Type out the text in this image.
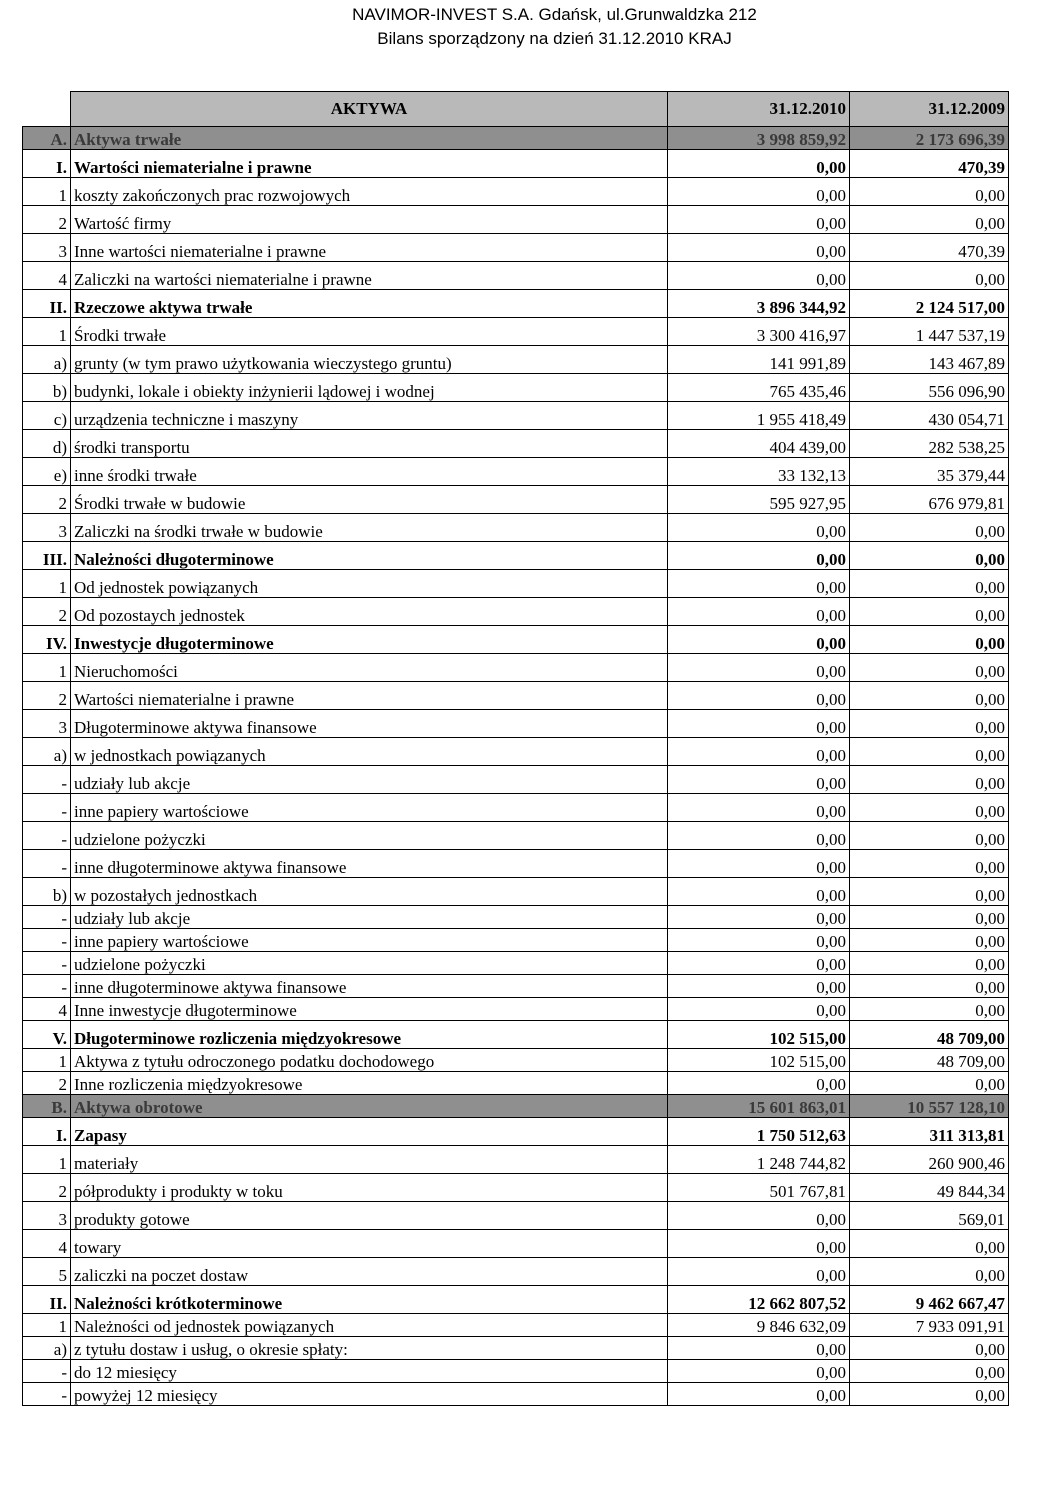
NAVIMOR-INVEST S.A. Gdańsk, ul.Grunwaldzka 212
Bilans sporządzony na dzień 31.12.2010 KRAJ
	AKTYWA	31.12.2010	31.12.2009
A.	Aktywa trwałe	3 998 859,92	2 173 696,39
I.	Wartości niematerialne i prawne	0,00	470,39
1	koszty zakończonych prac rozwojowych	0,00	0,00
2	Wartość firmy	0,00	0,00
3	Inne wartości niematerialne i prawne	0,00	470,39
4	Zaliczki na wartości niematerialne i prawne	0,00	0,00
II.	Rzeczowe aktywa trwałe	3 896 344,92	2 124 517,00
1	Środki trwałe	3 300 416,97	1 447 537,19
a)	grunty (w tym prawo użytkowania wieczystego gruntu)	141 991,89	143 467,89
b)	budynki, lokale i obiekty inżynierii lądowej i wodnej	765 435,46	556 096,90
c)	urządzenia techniczne i maszyny	1 955 418,49	430 054,71
d)	środki transportu	404 439,00	282 538,25
e)	inne środki trwałe	33 132,13	35 379,44
2	Środki trwałe w budowie	595 927,95	676 979,81
3	Zaliczki na środki trwałe w budowie	0,00	0,00
III.	Należności długoterminowe	0,00	0,00
1	Od jednostek powiązanych	0,00	0,00
2	Od pozostaych jednostek	0,00	0,00
IV.	Inwestycje długoterminowe	0,00	0,00
1	Nieruchomości	0,00	0,00
2	Wartości niematerialne i prawne	0,00	0,00
3	Długoterminowe aktywa finansowe	0,00	0,00
a)	w jednostkach powiązanych	0,00	0,00
-	udziały lub akcje	0,00	0,00
-	inne papiery wartościowe	0,00	0,00
-	udzielone pożyczki	0,00	0,00
-	inne długoterminowe aktywa finansowe	0,00	0,00
b)	w pozostałych jednostkach	0,00	0,00
-	udziały lub akcje	0,00	0,00
-	inne papiery wartościowe	0,00	0,00
-	udzielone pożyczki	0,00	0,00
-	inne długoterminowe aktywa finansowe	0,00	0,00
4	Inne inwestycje długoterminowe	0,00	0,00
V.	Długoterminowe rozliczenia międzyokresowe	102 515,00	48 709,00
1	Aktywa z tytułu odroczonego podatku dochodowego	102 515,00	48 709,00
2	Inne rozliczenia międzyokresowe	0,00	0,00
B.	Aktywa obrotowe	15 601 863,01	10 557 128,10
I.	Zapasy	1 750 512,63	311 313,81
1	materiały	1 248 744,82	260 900,46
2	półprodukty i produkty w toku	501 767,81	49 844,34
3	produkty gotowe	0,00	569,01
4	towary	0,00	0,00
5	zaliczki na poczet dostaw	0,00	0,00
II.	Należności krótkoterminowe	12 662 807,52	9 462 667,47
1	Należności od jednostek powiązanych	9 846 632,09	7 933 091,91
a)	z tytułu dostaw i usług, o okresie spłaty:	0,00	0,00
-	do 12 miesięcy	0,00	0,00
-	powyżej 12 miesięcy	0,00	0,00
